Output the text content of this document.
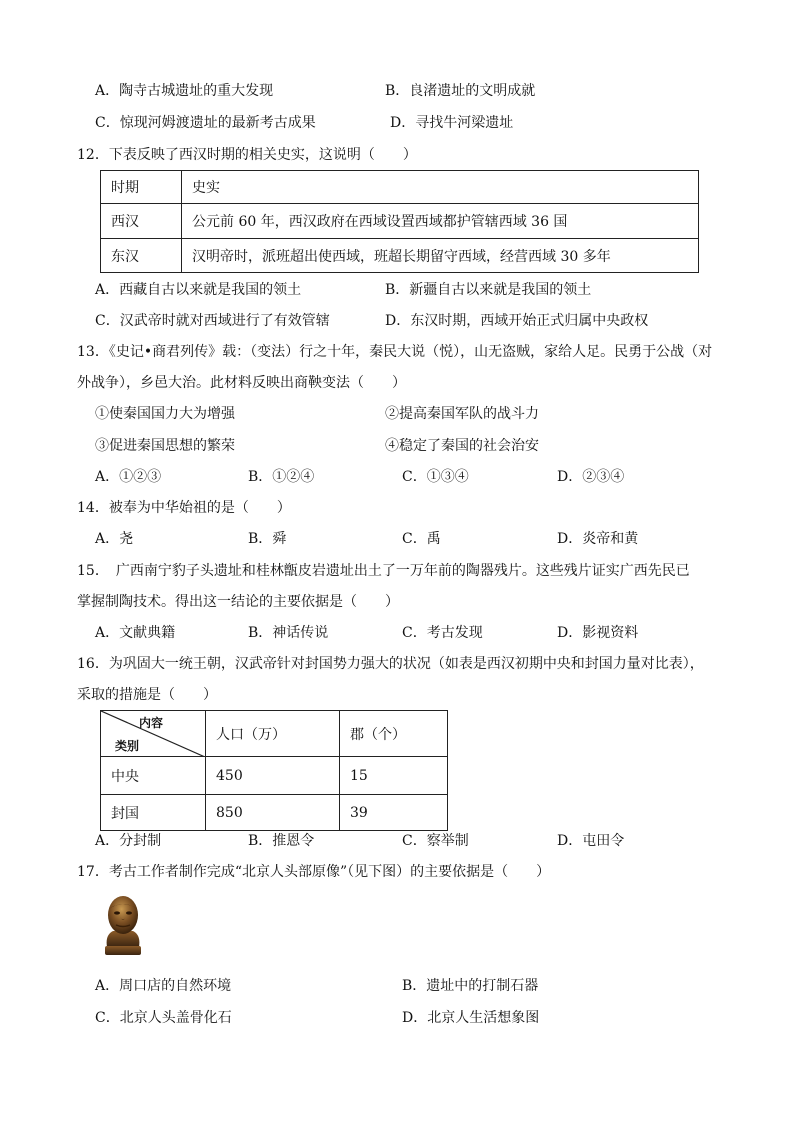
A．陶寺古城遗址的重大发现	B．良渚遗址的文明成就
C．惊现河姆渡遗址的最新考古成果	D．寻找牛河梁遗址
12．下表反映了西汉时期的相关史实，这说明（　　）
时期	史实
西汉	公元前 60 年，西汉政府在西域设置西域都护管辖西域 36 国
东汉	汉明帝时，派班超出使西域，班超长期留守西域，经营西域 30 多年
A．西藏自古以来就是我国的领土	B．新疆自古以来就是我国的领土
C．汉武帝时就对西域进行了有效管辖	D．东汉时期，西域开始正式归属中央政权
13．《史记•商君列传》载：（变法）行之十年，秦民大说（悦），山无盗贼，家给人足。民勇于公战（对
外战争），乡邑大治。此材料反映出商鞅变法（　　）
①使秦国国力大为增强	②提高秦国军队的战斗力
③促进秦国思想的繁荣	④稳定了秦国的社会治安
A．①②③	B．①②④	C．①③④	D．②③④
14．被奉为中华始祖的是（　　）
A．尧	B．舜	C．禹	D．炎帝和黄
15．　广西南宁豹子头遗址和桂林甑皮岩遗址出土了一万年前的陶器残片。这些残片证实广西先民已
掌握制陶技术。得出这一结论的主要依据是（　　）
A．文献典籍	B．神话传说	C．考古发现	D．影视资料
16．为巩固大一统王朝，汉武帝针对封国势力强大的状况（如表是西汉初期中央和封国力量对比表），
采取的措施是（　　）
内容
类别	人口（万）	郡（个）
中央	450	15
封国	850	39
A．分封制	B．推恩令	C．察举制	D．屯田令
17．考古工作者制作完成“北京人头部原像”（见下图）的主要依据是（　　）
A．周口店的自然环境	B．遗址中的打制石器
C．北京人头盖骨化石	D．北京人生活想象图
